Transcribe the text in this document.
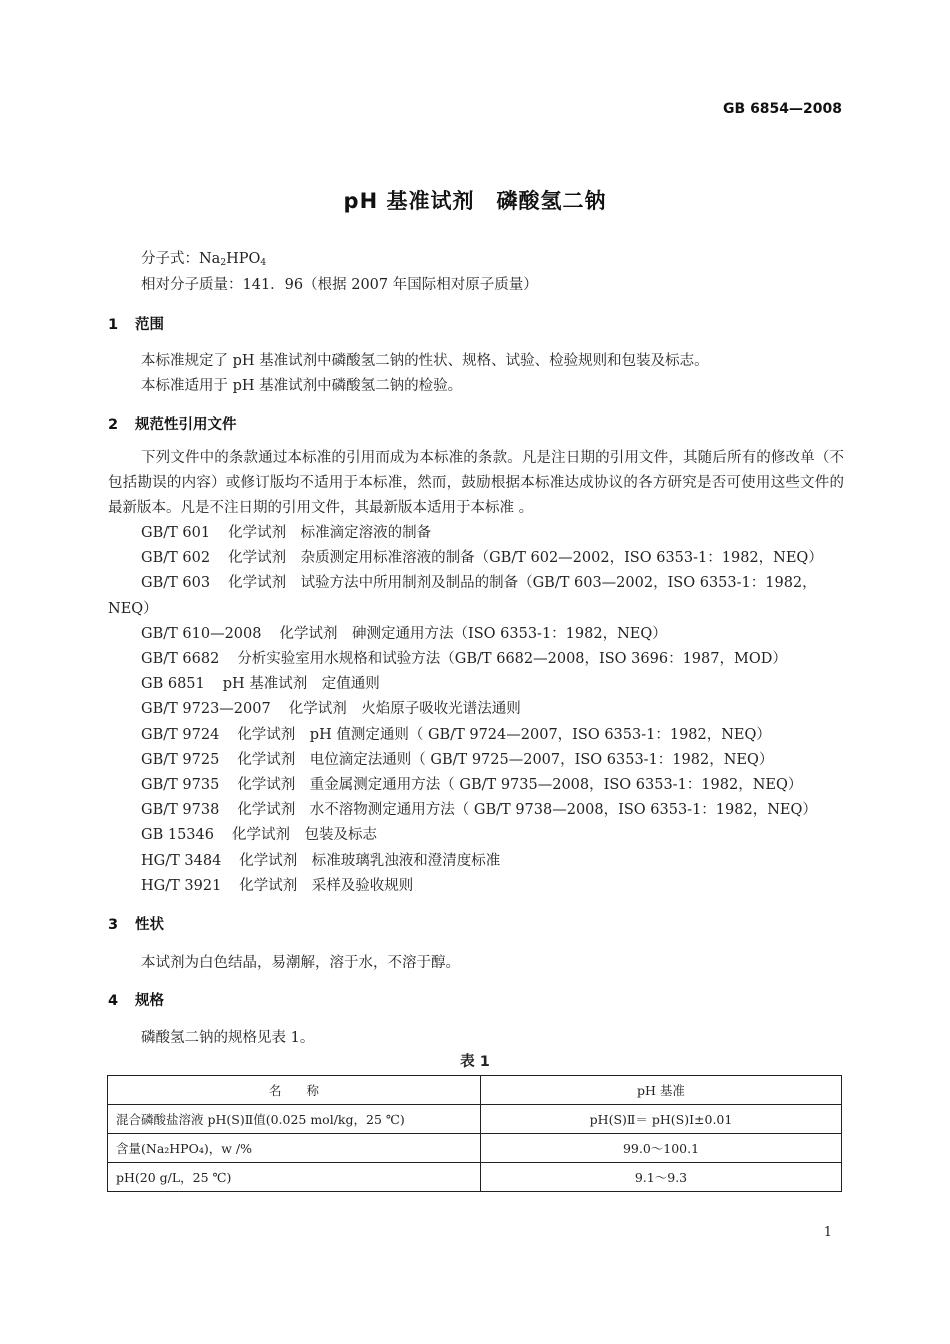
GB 6854—2008
pH 基准试剂　磷酸氢二钠
分子式：$Na_2HPO_4$
相对分子质量：141．96（根据 2007 年国际相对原子质量）
1 范围
本标准规定了 pH 基准试剂中磷酸氢二钠的性状、规格、试验、检验规则和包装及标志。
本标准适用于 pH 基准试剂中磷酸氢二钠的检验。
2 规范性引用文件
下列文件中的条款通过本标准的引用而成为本标准的条款。凡是注日期的引用文件，其随后所有的修改单（不包括勘误的内容）或修订版均不适用于本标准，然而，鼓励根据本标准达成协议的各方研究是否可使用这些文件的最新版本。凡是不注日期的引用文件，其最新版本适用于本标准 。
GB/T 601 化学试剂　标准滴定溶液的制备
GB/T 602 化学试剂　杂质测定用标准溶液的制备（GB/T 602—2002，ISO 6353-1：1982，NEQ）
GB/T 603 化学试剂　试验方法中所用制剂及制品的制备（GB/T 603—2002，ISO 6353-1：1982，
NEQ）
GB/T 610—2008 化学试剂　砷测定通用方法（ISO 6353-1：1982，NEQ）
GB/T 6682 分析实验室用水规格和试验方法（GB/T 6682—2008，ISO 3696：1987，MOD）
GB 6851 pH 基准试剂　定值通则
GB/T 9723—2007 化学试剂　火焰原子吸收光谱法通则
GB/T 9724 化学试剂　pH 值测定通则（ GB/T 9724—2007，ISO 6353-1：1982，NEQ）
GB/T 9725 化学试剂　电位滴定法通则（ GB/T 9725—2007，ISO 6353-1：1982，NEQ）
GB/T 9735 化学试剂　重金属测定通用方法（ GB/T 9735—2008，ISO 6353-1：1982，NEQ）
GB/T 9738 化学试剂　水不溶物测定通用方法（ GB/T 9738—2008，ISO 6353-1：1982，NEQ）
GB 15346 化学试剂　包装及标志
HG/T 3484 化学试剂　标准玻璃乳浊液和澄清度标准
HG/T 3921 化学试剂　采样及验收规则
3 性状
本试剂为白色结晶，易潮解，溶于水，不溶于醇。
4 规格
磷酸氢二钠的规格见表 1。
表 1
名　　称	pH 基准
混合磷酸盐溶液 pH(S)Ⅱ值(0.025 mol/kg，25 ℃)	pH(S)Ⅱ＝ pH(S)Ⅰ±0.01
含量(Na₂HPO₄)，w /%	99.0～100.1
pH(20 g/L，25 ℃)	9.1～9.3
1
